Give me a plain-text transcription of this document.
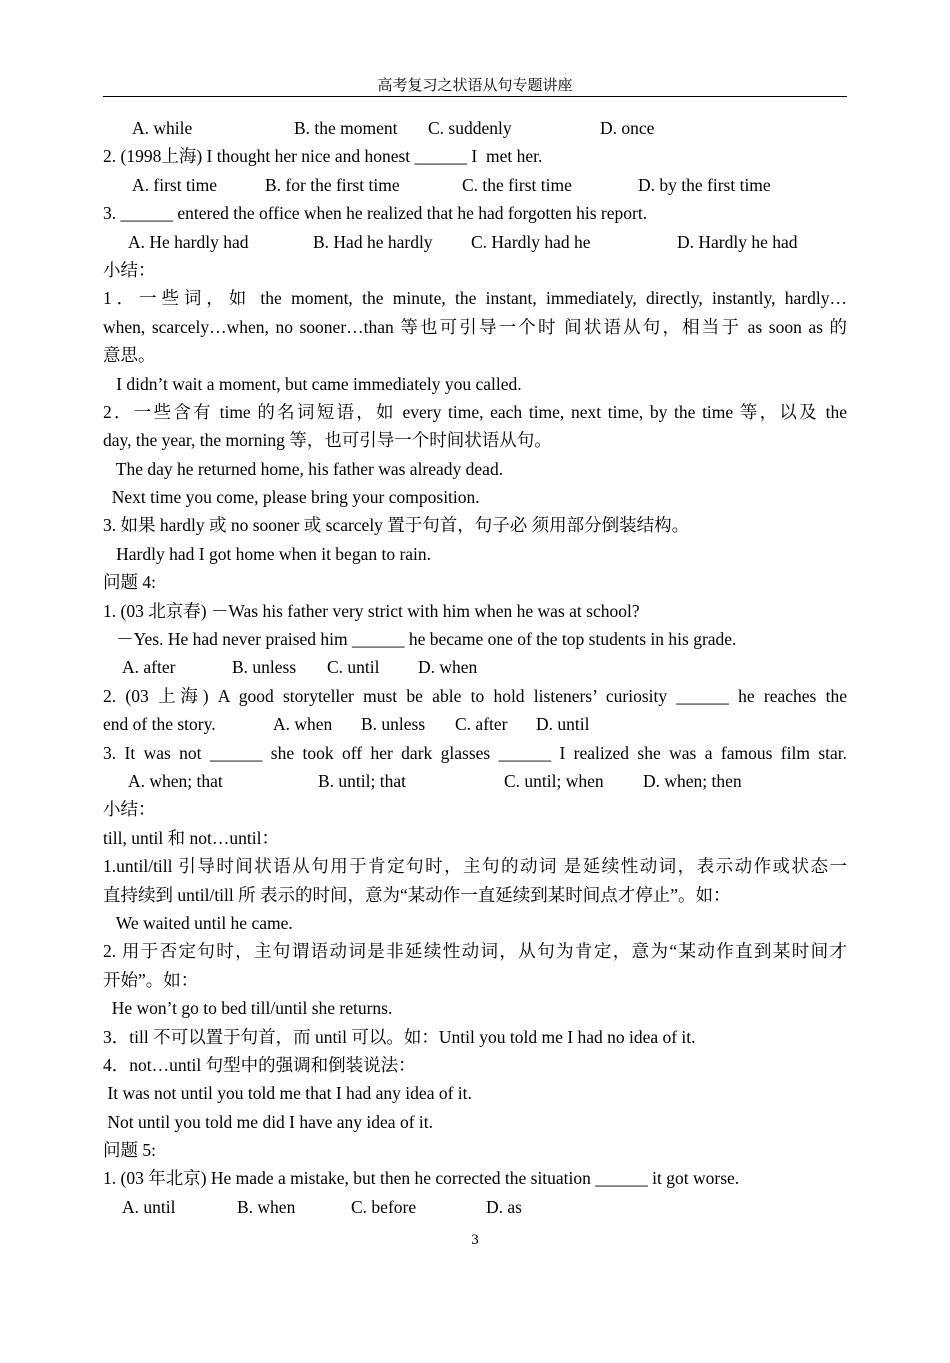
高考复习之状语从句专题讲座

A. while

	B. the moment

C. suddenly

	D. once

2. (1998上海) I thought her nice and honest ______ I  met her.

A. first time

	B. for the first time

	C. the first time

	D. by the first time

3. ______ entered the office when he realized that he had forgotten his report.

A. He hardly had

	B. Had he hardly

C. Hardly had he

	D. Hardly he had

小结：
1．一些词，如 the moment, the minute, the instant, immediately, directly, instantly, hardly…
when, scarcely…when, no sooner…than 等也可引导一个时 间状语从句，相当于 as soon as 的
意思。
I didn’t wait a moment, but came immediately you called.
2．一些含有 time 的名词短语，如 every time, each time, next time, by the time 等，以及 the
day, the year, the morning 等，也可引导一个时间状语从句。
The day he returned home, his father was already dead.
Next time you come, please bring your composition.
3. 如果 hardly 或 no sooner 或 scarcely 置于句首，句子必 须用部分倒装结构。
Hardly had I got home when it began to rain.
问题 4:
1. (03 北京春) －Was his father very strict with him when he was at school?
－Yes. He had never praised him ______ he became one of the top students in his grade.

A. after

	B. unless

C. until

D. when

2. (03 上海) A good storyteller must be able to hold listeners’ curiosity ______ he reaches the

end of the story.

	A. when

B. unless

C. after

D. until

3. It was not ______ she took off her dark glasses ______ I realized she was a famous film star.

A. when; that

	B. until; that

	C. until; when

D. when; then

小结：
till, until 和 not…until：
1.until/till 引导时间状语从句用于肯定句时，主句的动词 是延续性动词，表示动作或状态一
直持续到 until/till 所 表示的时间，意为“某动作一直延续到某时间点才停止”。如：
We waited until he came.
2. 用于否定句时，主句谓语动词是非延续性动词，从句为肯定，意为“某动作直到某时间才
开始”。如：
He won’t go to bed till/until she returns.
3．till 不可以置于句首，而 until 可以。如：Until you told me I had no idea of it.
4．not…until 句型中的强调和倒装说法：
It was not until you told me that I had any idea of it.
Not until you told me did I have any idea of it.
问题 5:
1. (03 年北京) He made a mistake, but then he corrected the situation ______ it got worse.

A. until

	B. when

	C. before

	D. as

3
